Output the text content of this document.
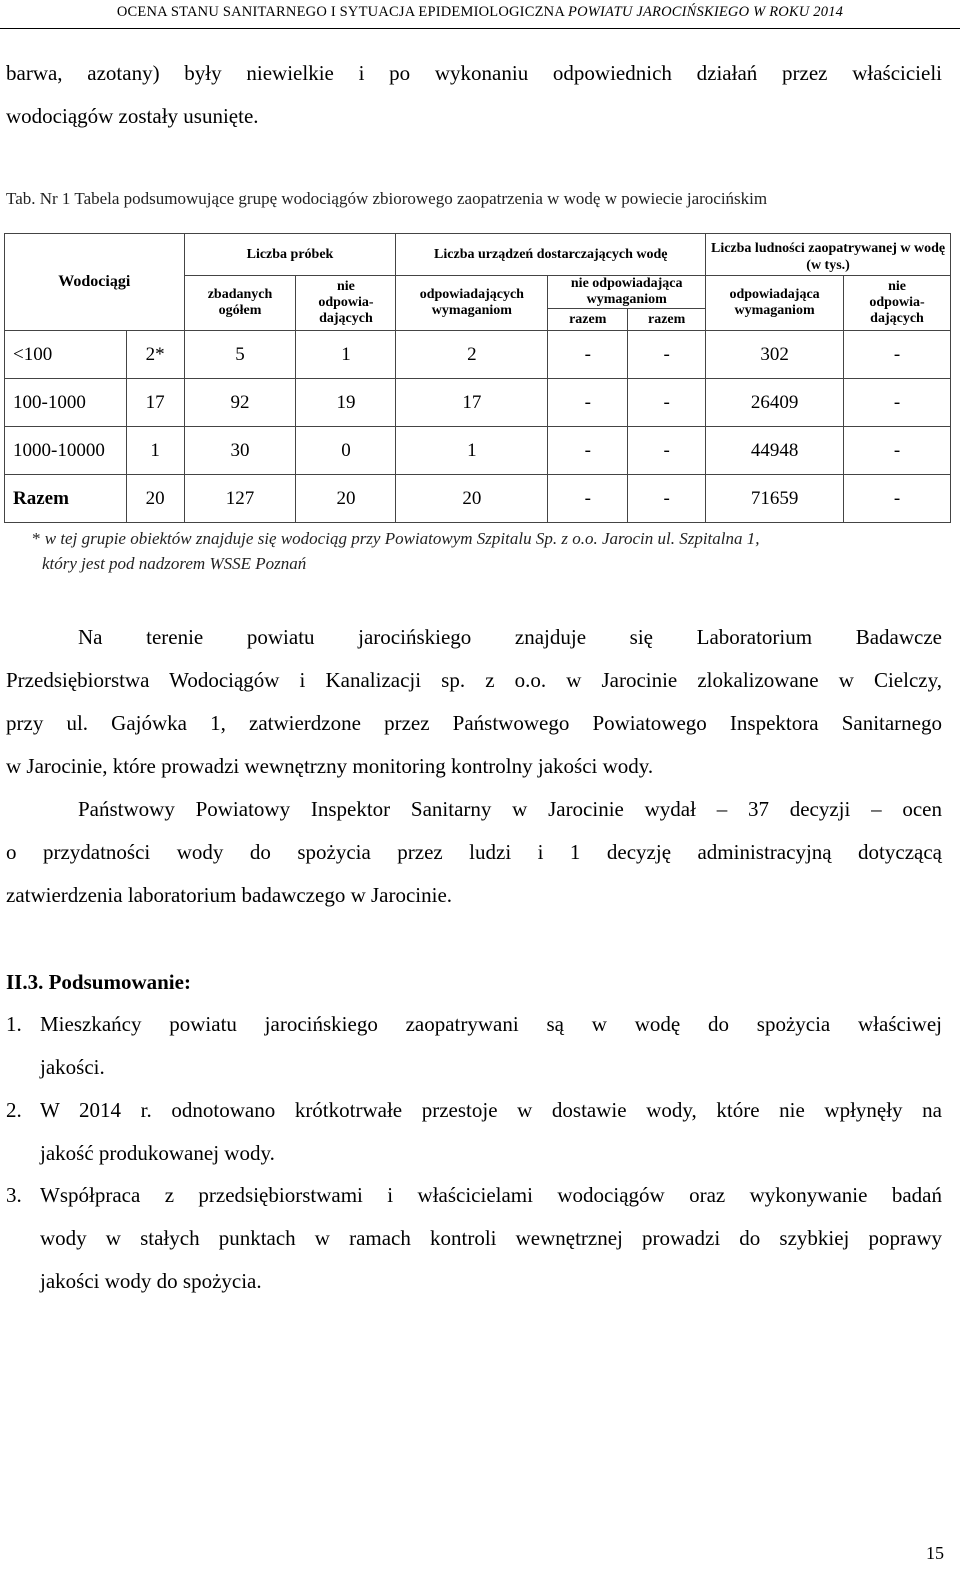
OCENA STANU SANITARNEGO I SYTUACJA EPIDEMIOLOGICZNA POWIATU JAROCIŃSKIEGO W ROKU 2014
barwa, azotany) były niewielkie i po wykonaniu odpowiednich działań przez właścicieli
wodociągów zostały usunięte.
Tab. Nr 1 Tabela podsumowujące grupę wodociągów zbiorowego zaopatrzenia w wodę w powiecie jarocińskim
Wodociągi		Liczba próbek		Liczba urządzeń dostarczających wodę			Liczba ludności zaopatrywanej w wodę (w tys.)	

		zbadanych ogółem	nie odpowia-dających	odpowiadających wymaganiom	nie odpowiadająca wymaganiom		odpowiadająca wymaganiom	nie odpowia-dających

					razem	razem		
<100	2*	5	1	2	-	-	302	-
100-1000	17	92	19	17	-	-	26409	-
1000-10000	1	30	0	1	-	-	44948	-
Razem	20	127	20	20	-	-	71659	-
* w tej grupie obiektów znajduje się wodociąg przy Powiatowym Szpitalu Sp. z o.o. Jarocin ul. Szpitalna 1,
który jest pod nadzorem WSSE Poznań
Na terenie powiatu jarocińskiego znajduje się Laboratorium Badawcze
Przedsiębiorstwa Wodociągów i Kanalizacji sp. z o.o. w Jarocinie zlokalizowane w Cielczy,
przy ul. Gajówka 1, zatwierdzone przez Państwowego Powiatowego Inspektora Sanitarnego
w Jarocinie, które prowadzi wewnętrzny monitoring kontrolny jakości wody.
Państwowy Powiatowy Inspektor Sanitarny w Jarocinie wydał – 37 decyzji – ocen
o przydatności wody do spożycia przez ludzi i 1 decyzję administracyjną dotyczącą
zatwierdzenia laboratorium badawczego w Jarocinie.
II.3. Podsumowanie:
1. Mieszkańcy powiatu jarocińskiego zaopatrywani są w wodę do spożycia właściwej
jakości.
2. W 2014 r. odnotowano krótkotrwałe przestoje w dostawie wody, które nie wpłynęły na
jakość produkowanej wody.
3. Współpraca z przedsiębiorstwami i właścicielami wodociągów oraz wykonywanie badań
wody w stałych punktach w ramach kontroli wewnętrznej prowadzi do szybkiej poprawy
jakości wody do spożycia.
15
